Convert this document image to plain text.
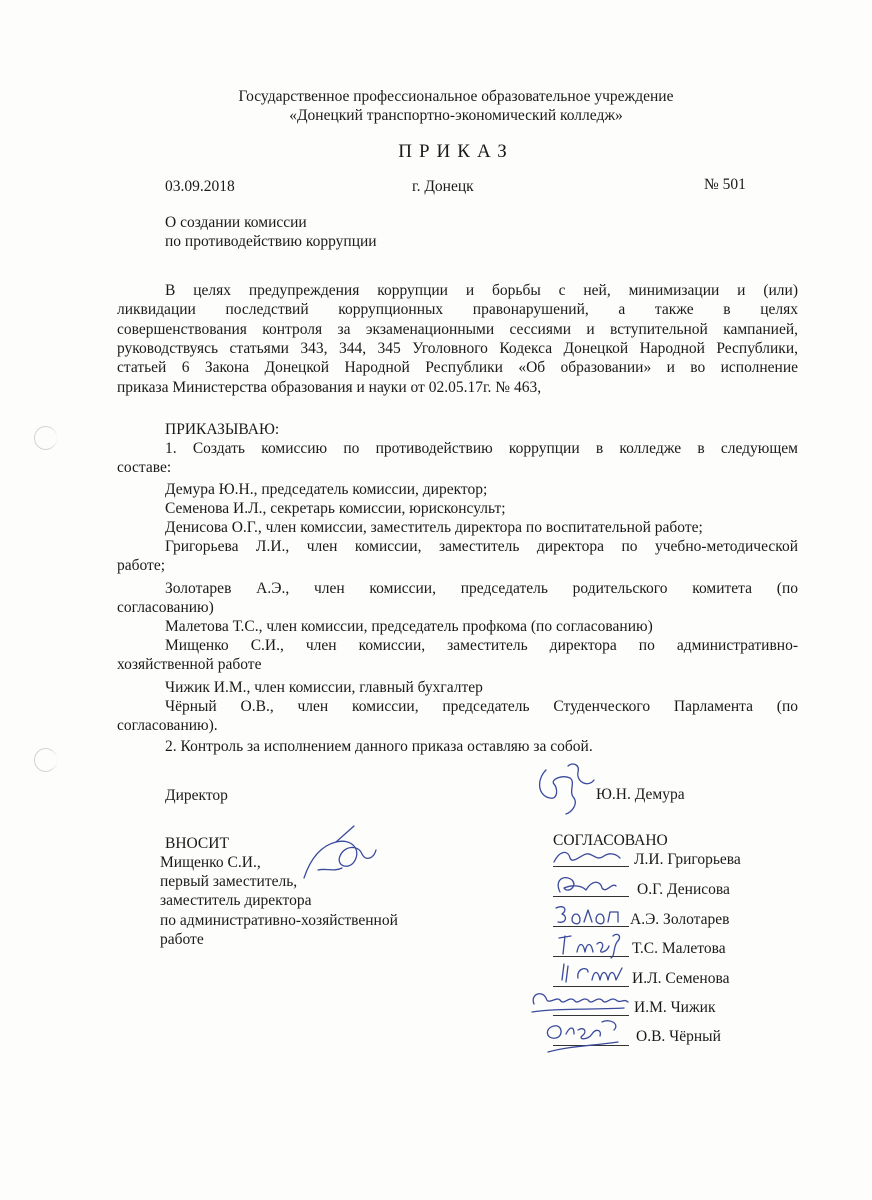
Государственное профессиональное образовательное учреждение
«Донецкий транспортно-экономический колледж»
ПРИКАЗ
03.09.2018	г. Донецк	№ 501
О создании комиссии
по противодействию коррупции
В целях предупреждения коррупции и борьбы с ней, минимизации и (или)
ликвидации последствий коррупционных правонарушений, а также в целях
совершенствования контроля за экзаменационными сессиями и вступительной кампанией,
руководствуясь статьями 343, 344, 345 Уголовного Кодекса Донецкой Народной Республики,
статьей 6 Закона Донецкой Народной Республики «Об образовании» и во исполнение
приказа Министерства образования и науки от 02.05.17г. № 463,
ПРИКАЗЫВАЮ:
1. Создать комиссию по противодействию коррупции в колледже в следующем
составе:
Демура Ю.Н., председатель комиссии, директор;
Семенова И.Л., секретарь комиссии, юрисконсульт;
Денисова О.Г., член комиссии, заместитель директора по воспитательной работе;
Григорьева Л.И., член комиссии, заместитель директора по учебно-методической
работе;
Золотарев А.Э., член комиссии, председатель родительского комитета (по
согласованию)
Малетова Т.С., член комиссии, председатель профкома (по согласованию)
Мищенко С.И., член комиссии, заместитель директора по административно-
хозяйственной работе
Чижик И.М., член комиссии, главный бухгалтер
Чёрный О.В., член комиссии, председатель Студенческого Парламента (по
согласованию).
2. Контроль за исполнением данного приказа оставляю за собой.
Директор	Ю.Н. Демура
ВНОСИТ
Мищенко С.И.,
первый заместитель,
заместитель директора
по административно-хозяйственной
работе
СОГЛАСОВАНО
Л.И. Григорьева
О.Г. Денисова
А.Э. Золотарев
Т.С. Малетова
И.Л. Семенова
И.М. Чижик
О.В. Чёрный
